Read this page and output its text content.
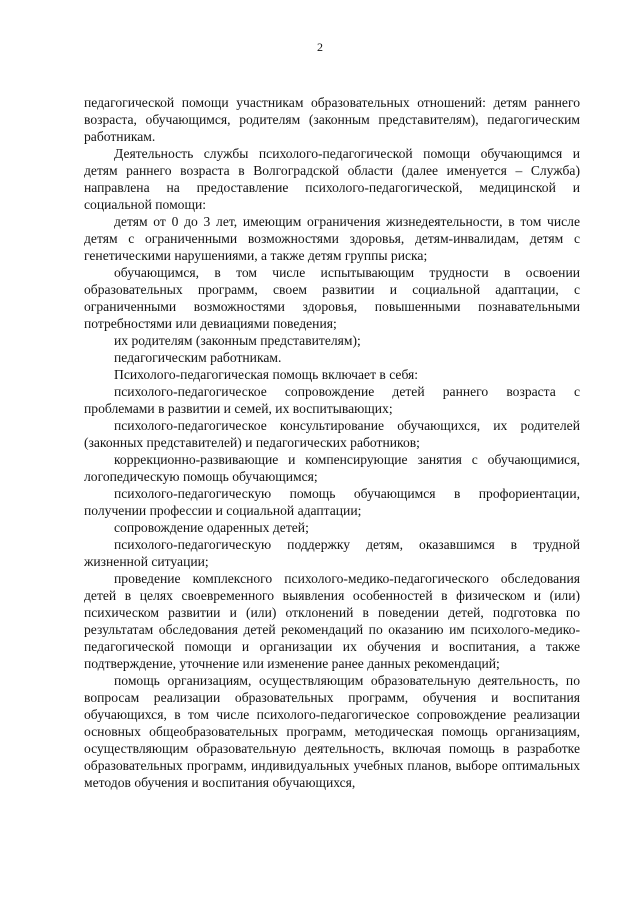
2

педагогической помощи участникам образовательных отношений: детям раннего возраста, обучающимся, родителям (законным представителям), педагогическим работникам.

Деятельность службы психолого-педагогической помощи обучающимся и детям раннего возраста в Волгоградской области (далее именуется – Служба) направлена на предоставление психолого-педагогической, медицинской и социальной помощи:

детям от 0 до 3 лет, имеющим ограничения жизнедеятельности, в том числе детям с ограниченными возможностями здоровья, детям-инвалидам, детям с генетическими нарушениями, а также детям группы риска;

обучающимся, в том числе испытывающим трудности в освоении образовательных программ, своем развитии и социальной адаптации, с ограниченными возможностями здоровья, повышенными познавательными потребностями или девиациями поведения;

их родителям (законным представителям);

педагогическим работникам.

Психолого-педагогическая помощь включает в себя:

психолого-педагогическое сопровождение детей раннего возраста с проблемами в развитии и семей, их воспитывающих;

психолого-педагогическое консультирование обучающихся, их родителей (законных представителей) и педагогических работников;

коррекционно-развивающие и компенсирующие занятия с обучающимися, логопедическую помощь обучающимся;

психолого-педагогическую помощь обучающимся в профориентации, получении профессии и социальной адаптации;

сопровождение одаренных детей;

психолого-педагогическую поддержку детям, оказавшимся в трудной жизненной ситуации;

проведение комплексного психолого-медико-педагогического обследования детей в целях своевременного выявления особенностей в физическом и (или) психическом развитии и (или) отклонений в поведении детей, подготовка по результатам обследования детей рекомендаций по оказанию им психолого-медико-педагогической помощи и организации их обучения и воспитания, а также подтверждение, уточнение или изменение ранее данных рекомендаций;

помощь организациям, осуществляющим образовательную деятельность, по вопросам реализации образовательных программ, обучения и воспитания обучающихся, в том числе психолого-педагогическое сопровождение реализации основных общеобразовательных программ, методическая помощь организациям, осуществляющим образовательную деятельность, включая помощь в разработке образовательных программ, индивидуальных учебных планов, выборе оптимальных методов обучения и воспитания обучающихся,
